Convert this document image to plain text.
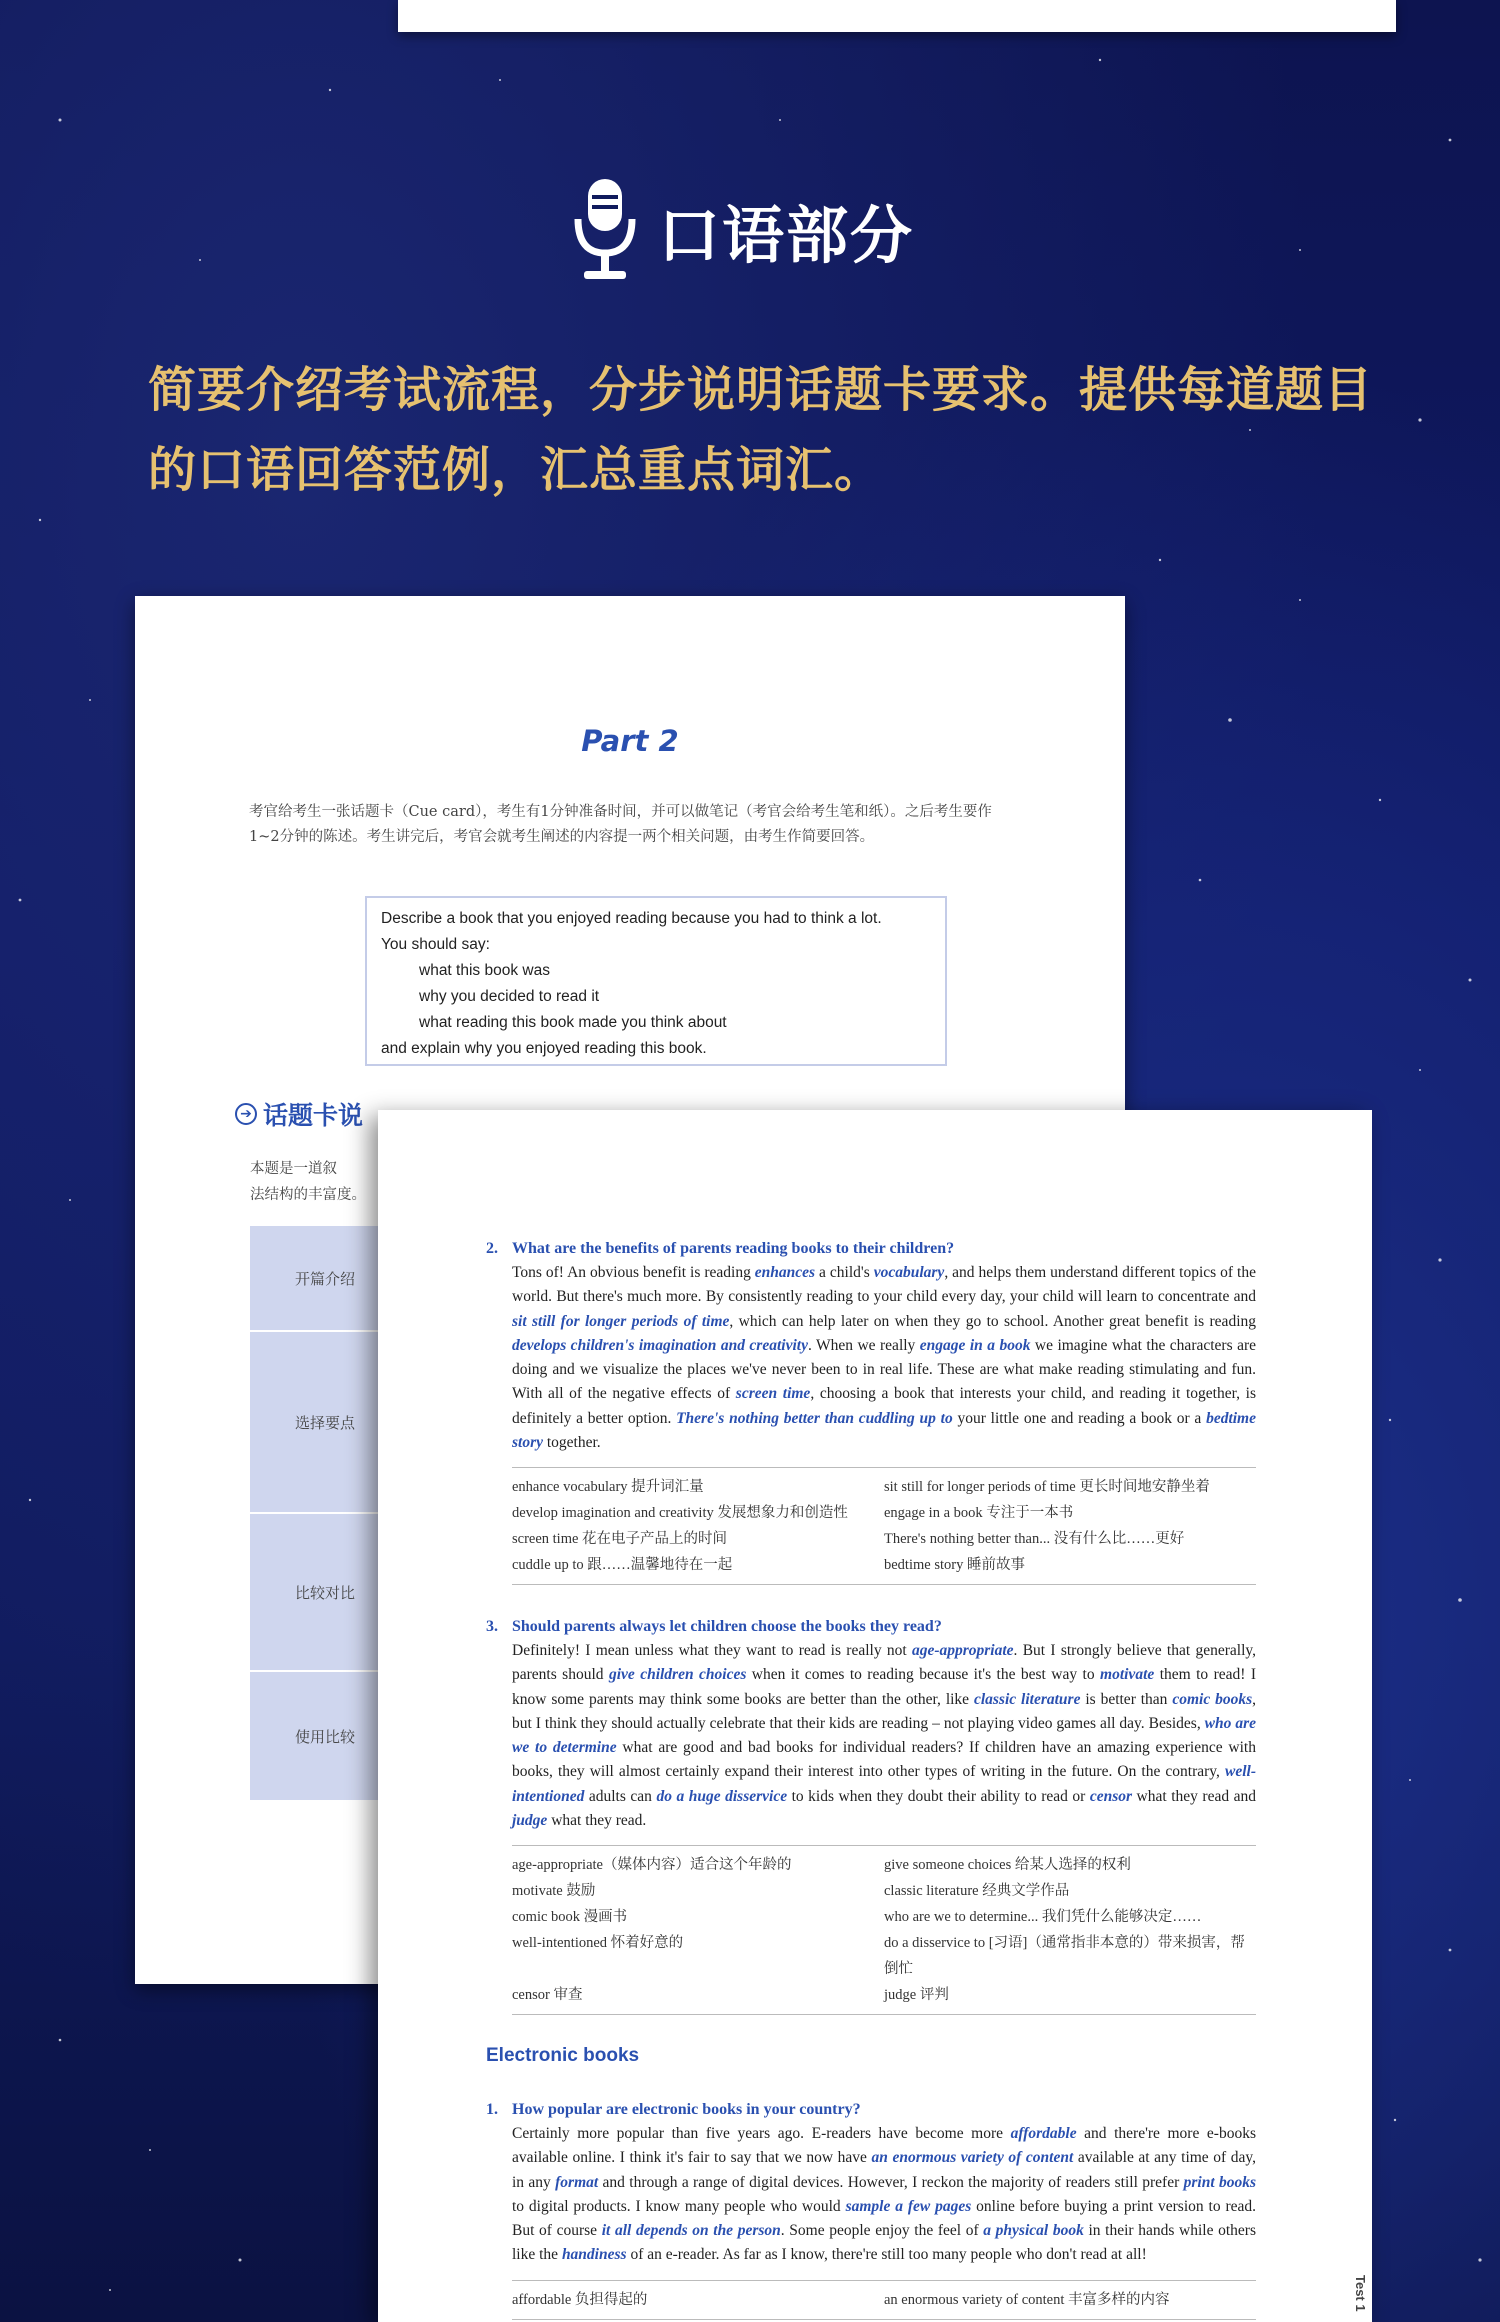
口语部分
简要介绍考试流程，分步说明话题卡要求。提供每道题目
的口语回答范例，汇总重点词汇。
Part 2
考官给考生一张话题卡（Cue card），考生有1分钟准备时间，并可以做笔记（考官会给考生笔和纸）。之后考生要作1~2分钟的陈述。考生讲完后，考官会就考生阐述的内容提一两个相关问题，由考生作简要回答。
Describe a book that you enjoyed reading because you had to think a lot.
You should say:
what this book was
why you decided to read it
what reading this book made you think about
and explain why you enjoyed reading this book.
➔ 话题卡说
本题是一道叙
法结构的丰富度。
开篇介绍
选择要点
比较对比
使用比较
2. What are the benefits of parents reading books to their children?
Tons of! An obvious benefit is reading enhances a child's vocabulary, and helps them understand different topics of the world. But there's much more. By consistently reading to your child every day, your child will learn to concentrate and sit still for longer periods of time, which can help later on when they go to school. Another great benefit is reading develops children's imagination and creativity. When we really engage in a book we imagine what the characters are doing and we visualize the places we've never been to in real life. These are what make reading stimulating and fun. With all of the negative effects of screen time, choosing a book that interests your child, and reading it together, is definitely a better option. There's nothing better than cuddling up to your little one and reading a book or a bedtime story together.
enhance vocabulary 提升词汇量	sit still for longer periods of time 更长时间地安静坐着
develop imagination and creativity 发展想象力和创造性	engage in a book 专注于一本书
screen time 花在电子产品上的时间	There's nothing better than... 没有什么比……更好
cuddle up to 跟……温馨地待在一起	bedtime story 睡前故事
3. Should parents always let children choose the books they read?
Definitely! I mean unless what they want to read is really not age-appropriate. But I strongly believe that generally, parents should give children choices when it comes to reading because it's the best way to motivate them to read! I know some parents may think some books are better than the other, like classic literature is better than comic books, but I think they should actually celebrate that their kids are reading – not playing video games all day. Besides, who are we to determine what are good and bad books for individual readers? If children have an amazing experience with books, they will almost certainly expand their interest into other types of writing in the future. On the contrary, well-intentioned adults can do a huge disservice to kids when they doubt their ability to read or censor what they read and judge what they read.
age-appropriate（媒体内容）适合这个年龄的	give someone choices 给某人选择的权利
motivate 鼓励	classic literature 经典文学作品
comic book 漫画书	who are we to determine... 我们凭什么能够决定……
well-intentioned 怀着好意的	do a disservice to [习语]（通常指非本意的）带来损害，帮倒忙
censor 审查	judge 评判
Electronic books
1. How popular are electronic books in your country?
Certainly more popular than five years ago. E-readers have become more affordable and there're more e-books available online. I think it's fair to say that we now have an enormous variety of content available at any time of day, in any format and through a range of digital devices. However, I reckon the majority of readers still prefer print books to digital products. I know many people who would sample a few pages online before buying a print version to read. But of course it all depends on the person. Some people enjoy the feel of a physical book in their hands while others like the handiness of an e-reader. As far as I know, there're still too many people who don't read at all!
affordable 负担得起的	an enormous variety of content 丰富多样的内容	Test 1
